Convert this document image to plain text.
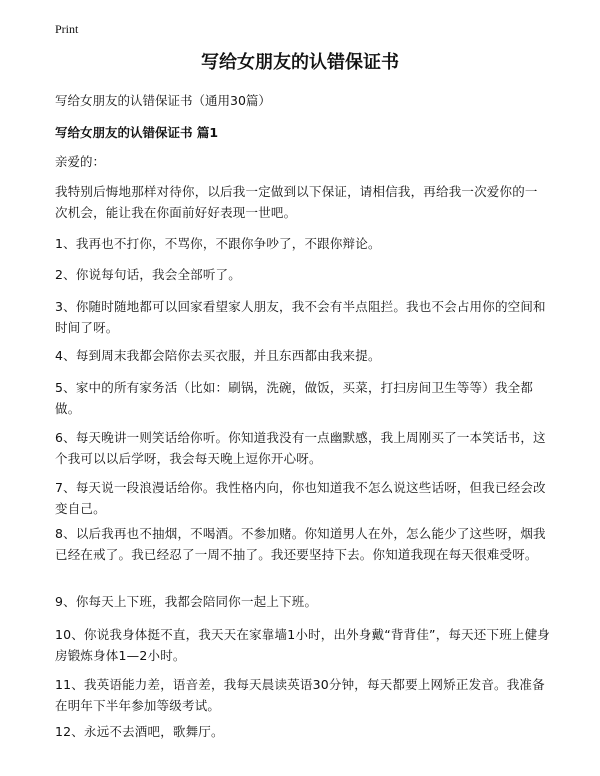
Print
写给女朋友的认错保证书

写给女朋友的认错保证书（通用30篇）

写给女朋友的认错保证书 篇1

亲爱的：

我特别后悔地那样对待你，以后我一定做到以下保证，请相信我，再给我一次爱你的一次机会，能让我在你面前好好表现一世吧。

1、我再也不打你，不骂你，不跟你争吵了，不跟你辩论。

2、你说每句话，我会全部听了。

3、你随时随地都可以回家看望家人朋友，我不会有半点阻拦。我也不会占用你的空间和时间了呀。

4、每到周末我都会陪你去买衣服，并且东西都由我来提。

5、家中的所有家务活（比如：刷锅，洗碗，做饭，买菜，打扫房间卫生等等）我全都做。

6、每天晚讲一则笑话给你听。你知道我没有一点幽默感，我上周刚买了一本笑话书，这个我可以以后学呀，我会每天晚上逗你开心呀。

7、每天说一段浪漫话给你。我性格内向，你也知道我不怎么说这些话呀，但我已经会改变自己。

8、以后我再也不抽烟，不喝酒。不参加赌。你知道男人在外，怎么能少了这些呀，烟我已经在戒了。我已经忍了一周不抽了。我还要坚持下去。你知道我现在每天很难受呀。

9、你每天上下班，我都会陪同你一起上下班。

10、你说我身体挺不直，我天天在家靠墙1小时，出外身戴“背背佳”，每天还下班上健身房锻炼身体1—2小时。

11、我英语能力差，语音差，我每天晨读英语30分钟，每天都要上网矫正发音。我准备在明年下半年参加等级考试。

12、永远不去酒吧，歌舞厅。
